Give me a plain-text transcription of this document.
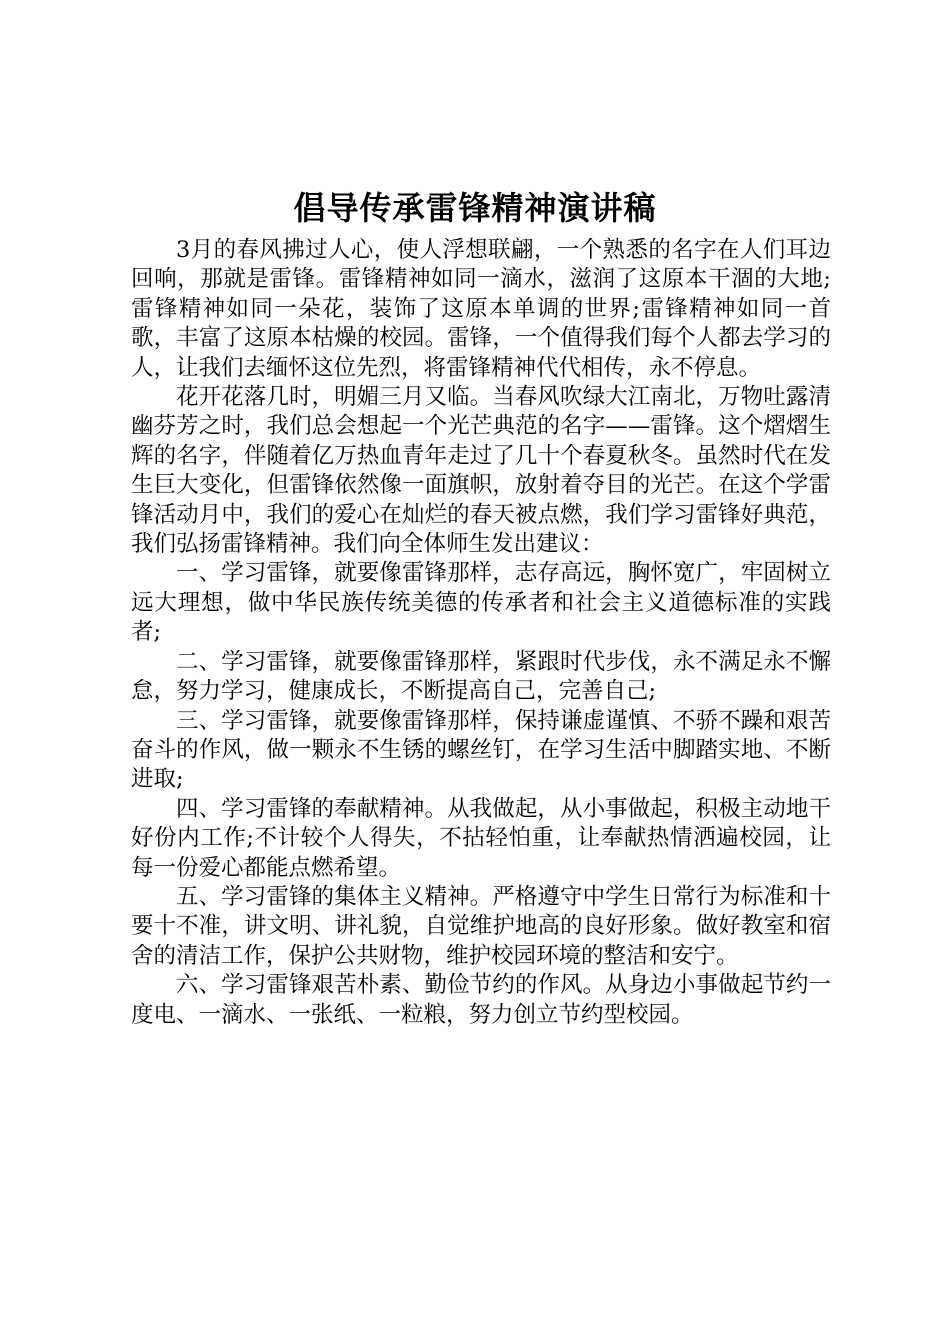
倡导传承雷锋精神演讲稿

3月的春风拂过人心，使人浮想联翩，一个熟悉的名字在人们耳边回响，那就是雷锋。雷锋精神如同一滴水，滋润了这原本干涸的大地;雷锋精神如同一朵花，装饰了这原本单调的世界;雷锋精神如同一首歌，丰富了这原本枯燥的校园。雷锋，一个值得我们每个人都去学习的人，让我们去缅怀这位先烈，将雷锋精神代代相传，永不停息。

花开花落几时，明媚三月又临。当春风吹绿大江南北，万物吐露清幽芬芳之时，我们总会想起一个光芒典范的名字——雷锋。这个熠熠生辉的名字，伴随着亿万热血青年走过了几十个春夏秋冬。虽然时代在发生巨大变化，但雷锋依然像一面旗帜，放射着夺目的光芒。在这个学雷锋活动月中，我们的爱心在灿烂的春天被点燃，我们学习雷锋好典范，我们弘扬雷锋精神。我们向全体师生发出建议：

一、学习雷锋，就要像雷锋那样，志存高远，胸怀宽广，牢固树立远大理想，做中华民族传统美德的传承者和社会主义道德标准的实践者;

二、学习雷锋，就要像雷锋那样，紧跟时代步伐，永不满足永不懈怠，努力学习，健康成长，不断提高自己，完善自己;

三、学习雷锋，就要像雷锋那样，保持谦虚谨慎、不骄不躁和艰苦奋斗的作风，做一颗永不生锈的螺丝钉，在学习生活中脚踏实地、不断进取;

四、学习雷锋的奉献精神。从我做起，从小事做起，积极主动地干好份内工作;不计较个人得失，不拈轻怕重，让奉献热情洒遍校园，让每一份爱心都能点燃希望。

五、学习雷锋的集体主义精神。严格遵守中学生日常行为标准和十要十不准，讲文明、讲礼貌，自觉维护地高的良好形象。做好教室和宿舍的清洁工作，保护公共财物，维护校园环境的整洁和安宁。

六、学习雷锋艰苦朴素、勤俭节约的作风。从身边小事做起节约一度电、一滴水、一张纸、一粒粮，努力创立节约型校园。
